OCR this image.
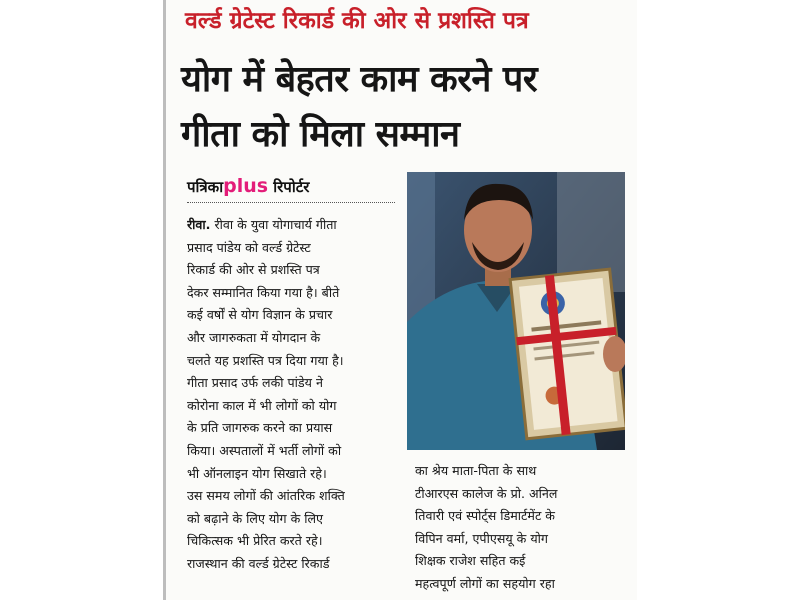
वर्ल्ड ग्रेटेस्ट रिकार्ड की ओर से प्रशस्ति पत्र
योग में बेहतर काम करने पर
गीता को मिला सम्मान
पत्रिकाplus रिपोर्टर
रीवा. रीवा के युवा योगाचार्य गीता
प्रसाद पांडेय को वर्ल्ड ग्रेटेस्ट
रिकार्ड की ओर से प्रशस्ति पत्र
देकर सम्मानित किया गया है। बीते
कई वर्षों से योग विज्ञान के प्रचार
और जागरुकता में योगदान के
चलते यह प्रशस्ति पत्र दिया गया है।
गीता प्रसाद उर्फ लकी पांडेय ने
कोरोना काल में भी लोगों को योग
के प्रति जागरुक करने का प्रयास
किया। अस्पतालों में भर्ती लोगों को
भी ऑनलाइन योग सिखाते रहे।
उस समय लोगों की आंतरिक शक्ति
को बढ़ाने के लिए योग के लिए
चिकित्सक भी प्रेरित करते रहे।
राजस्थान की वर्ल्ड ग्रेटेस्ट रिकार्ड
का श्रेय माता-पिता के साथ
टीआरएस कालेज के प्रो. अनिल
तिवारी एवं स्पोर्ट्स डिमार्टमेंट के
विपिन वर्मा, एपीएसयू के योग
शिक्षक राजेश सहित कई
महत्वपूर्ण लोगों का सहयोग रहा
